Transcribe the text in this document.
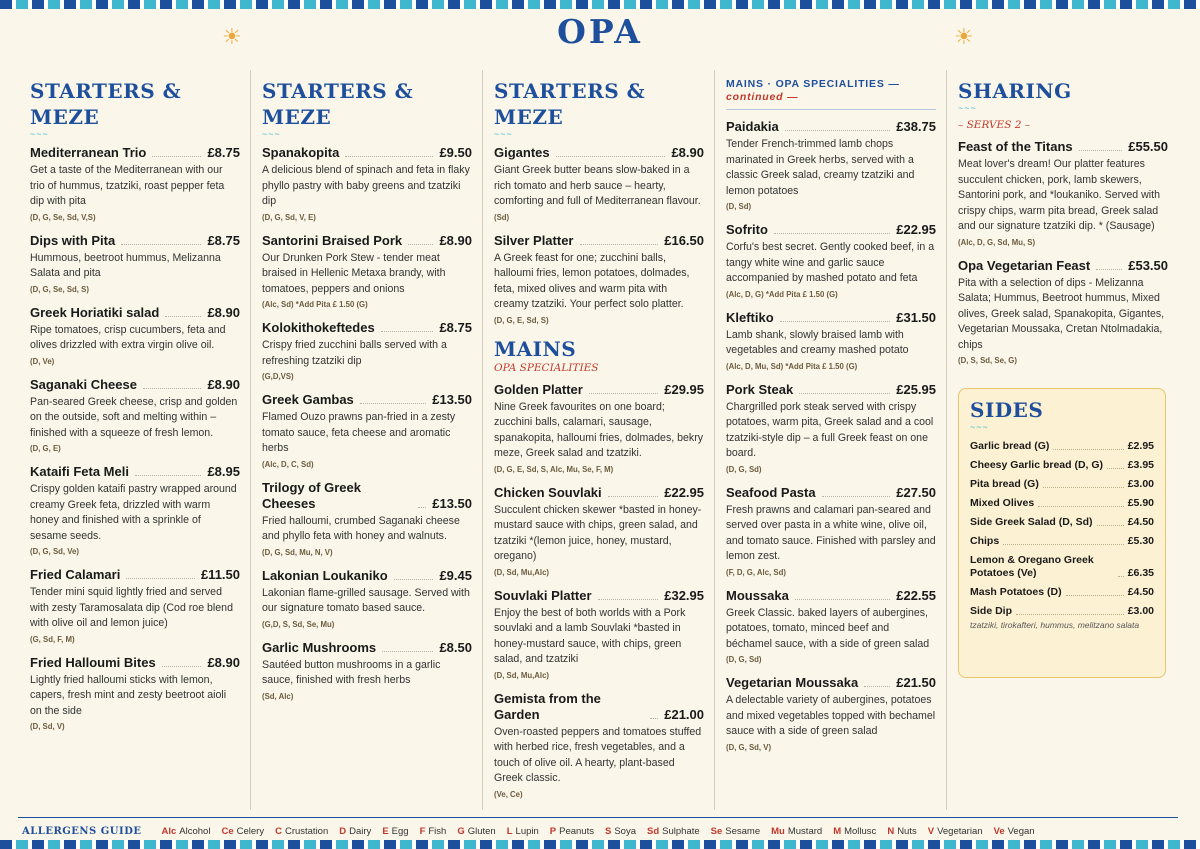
☀	☀
OPA
STARTERS & MEZE
~~~
Mediterranean Trio	£8.75
Get a taste of the Mediterranean with our trio of hummus, tzatziki, roast pepper feta dip with pita
(D, G, Se, Sd, V,S)
Dips with Pita	£8.75
Hummous, beetroot hummus, Melizanna Salata and pita
(D, G, Se, Sd, S)
Greek Horiatiki salad	£8.90
Ripe tomatoes, crisp cucumbers, feta and olives drizzled with extra virgin olive oil.
(D, Ve)
Saganaki Cheese	£8.90
Pan-seared Greek cheese, crisp and golden on the outside, soft and melting within – finished with a squeeze of fresh lemon.
(D, G, E)
Kataifi Feta Meli	£8.95
Crispy golden kataifi pastry wrapped around creamy Greek feta, drizzled with warm honey and finished with a sprinkle of sesame seeds.
(D, G, Sd, Ve)
Fried Calamari	£11.50
Tender mini squid lightly fried and served with zesty Taramosalata dip (Cod roe blend with olive oil and lemon juice)
(G, Sd, F, M)
Fried Halloumi Bites	£8.90
Lightly fried halloumi sticks with lemon, capers, fresh mint and zesty beetroot aioli on the side
(D, Sd, V)
STARTERS & MEZE
~~~
Spanakopita	£9.50
A delicious blend of spinach and feta in flaky phyllo pastry with baby greens and tzatziki dip
(D, G, Sd, V, E)
Santorini Braised Pork	£8.90
Our Drunken Pork Stew - tender meat braised in Hellenic Metaxa brandy, with tomatoes, peppers and onions
(Alc, Sd) *Add Pita £ 1.50 (G)
Kolokithokeftedes	£8.75
Crispy fried zucchini balls served with a refreshing tzatziki dip
(G,D,VS)
Greek Gambas	£13.50
Flamed Ouzo prawns pan-fried in a zesty tomato sauce, feta cheese and aromatic herbs
(Alc, D, C, Sd)
Trilogy of Greek Cheeses	£13.50
Fried halloumi, crumbed Saganaki cheese and phyllo feta with honey and walnuts.
(D, G, Sd, Mu, N, V)
Lakonian Loukaniko	£9.45
Lakonian flame-grilled sausage. Served with our signature tomato based sauce.
(G,D, S, Sd, Se, Mu)
Garlic Mushrooms	£8.50
Sautéed button mushrooms in a garlic sauce, finished with fresh herbs
(Sd, Alc)
STARTERS & MEZE
~~~
Gigantes	£8.90
Giant Greek butter beans slow-baked in a rich tomato and herb sauce – hearty, comforting and full of Mediterranean flavour.
(Sd)
Silver Platter	£16.50
A Greek feast for one; zucchini balls, halloumi fries, lemon potatoes, dolmades, feta, mixed olives and warm pita with creamy tzatziki. Your perfect solo platter.
(D, G, E, Sd, S)
MAINS
OPA SPECIALITIES
Golden Platter	£29.95
Nine Greek favourites on one board; zucchini balls, calamari, sausage, spanakopita, halloumi fries, dolmades, bekry meze, Greek salad and tzatziki.
(D, G, E, Sd, S, Alc, Mu, Se, F, M)
Chicken Souvlaki	£22.95
Succulent chicken skewer *basted in honey-mustard sauce with chips, green salad, and tzatziki *(lemon juice, honey, mustard, oregano)
(D, Sd, Mu,Alc)
Souvlaki Platter	£32.95
Enjoy the best of both worlds with a Pork souvlaki and a lamb Souvlaki *basted in honey-mustard sauce, with chips, green salad, and tzatziki
(D, Sd, Mu,Alc)
Gemista from the Garden	£21.00
Oven-roasted peppers and tomatoes stuffed with herbed rice, fresh vegetables, and a touch of olive oil. A hearty, plant-based Greek classic.
(Ve, Ce)
MAINS · OPA SPECIALITIES — continued —
Paidakia	£38.75
Tender French-trimmed lamb chops marinated in Greek herbs, served with a classic Greek salad, creamy tzatziki and lemon potatoes
(D, Sd)
Sofrito	£22.95
Corfu's best secret. Gently cooked beef, in a tangy white wine and garlic sauce accompanied by mashed potato and feta
(Alc, D, G) *Add Pita £ 1.50 (G)
Kleftiko	£31.50
Lamb shank, slowly braised lamb with vegetables and creamy mashed potato
(Alc, D, Mu, Sd) *Add Pita £ 1.50 (G)
Pork Steak	£25.95
Chargrilled pork steak served with crispy potatoes, warm pita, Greek salad and a cool tzatziki-style dip – a full Greek feast on one board.
(D, G, Sd)
Seafood Pasta	£27.50
Fresh prawns and calamari pan-seared and served over pasta in a white wine, olive oil, and tomato sauce. Finished with parsley and lemon zest.
(F, D, G, Alc, Sd)
Moussaka	£22.55
Greek Classic. baked layers of aubergines, potatoes, tomato, minced beef and béchamel sauce, with a side of green salad
(D, G, Sd)
Vegetarian Moussaka	£21.50
A delectable variety of aubergines, potatoes and mixed vegetables topped with bechamel sauce with a side of green salad
(D, G, Sd, V)
SHARING
~~~
– SERVES 2 –
Feast of the Titans	£55.50
Meat lover's dream! Our platter features succulent chicken, pork, lamb skewers, Santorini pork, and *loukaniko. Served with crispy chips, warm pita bread, Greek salad and our signature tzatziki dip. * (Sausage)
(Alc, D, G, Sd, Mu, S)
Opa Vegetarian Feast	£53.50
Pita with a selection of dips - Melizanna Salata; Hummus, Beetroot hummus, Mixed olives, Greek salad, Spanakopita, Gigantes, Vegetarian Moussaka, Cretan Ntolmadakia, chips
(D, S, Sd, Se, G)
SIDES
~~~
Garlic bread (G)	£2.95
Cheesy Garlic bread (D, G) £3.95
Pita bread (G)	£3.00
Mixed Olives	£5.90
Side Greek Salad (D, Sd)	£4.50
Chips	£5.30
Lemon & Oregano Greek Potatoes (Ve)	£6.35
Mash Potatoes (D)	£4.50
Side Dip	£3.00
tzatziki, tirokafteri, hummus, melitzano salata
ALLERGENS GUIDE Alc Alcohol Ce Celery C Crustation D Dairy E Egg F Fish G Gluten L Lupin P Peanuts S Soya Sd Sulphate Se Sesame Mu Mustard M Mollusc N Nuts V Vegetarian Ve Vegan
